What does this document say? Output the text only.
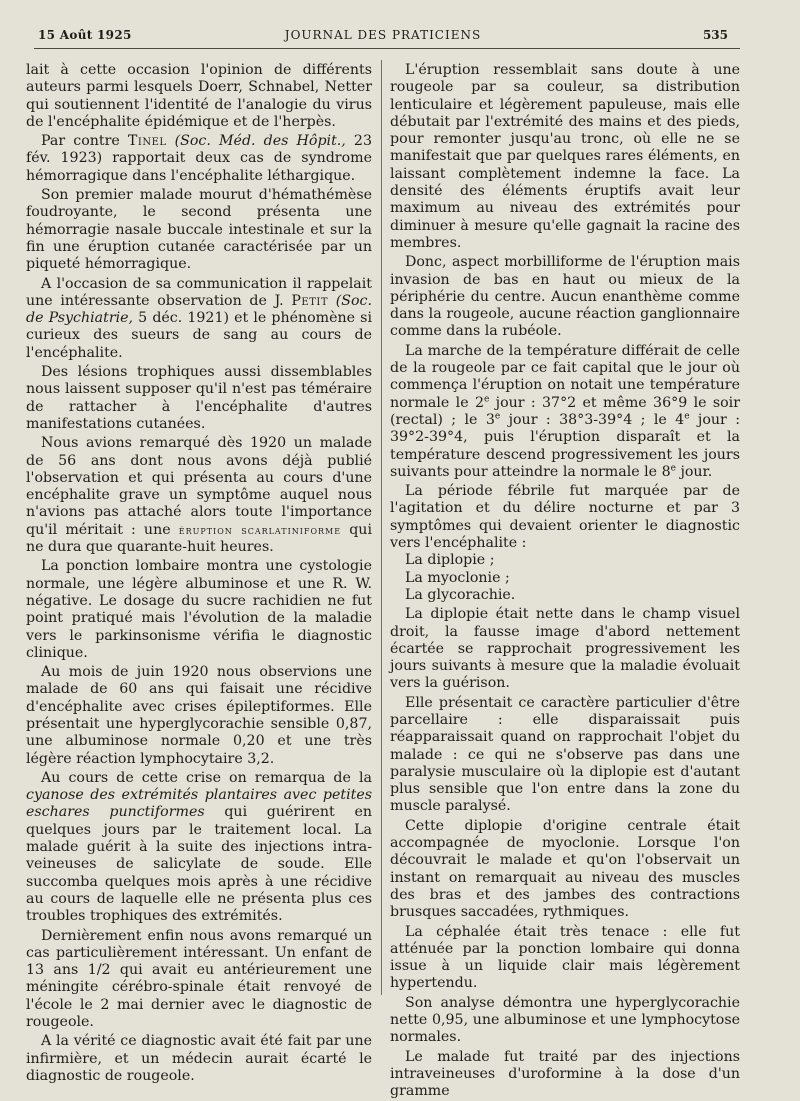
15 Août 1925	JOURNAL DES PRATICIENS	535

lait à cette occasion l'opinion de différents auteurs parmi lesquels Doerr, Schnabel, Netter qui soutiennent l'identité de l'analogie du virus de l'encéphalite épidémique et de l'herpès.

Par contre Tinel (Soc. Méd. des Hôpit., 23 fév. 1923) rapportait deux cas de syndrome hémorragique dans l'encéphalite léthargique.

Son premier malade mourut d'hémathémèse foudroyante, le second présenta une hémorragie nasale buccale intestinale et sur la fin une éruption cutanée caractérisée par un piqueté hémorragique.

A l'occasion de sa communication il rappelait une intéressante observation de J. Petit (Soc. de Psychiatrie, 5 déc. 1921) et le phénomène si curieux des sueurs de sang au cours de l'encéphalite.

Des lésions trophiques aussi dissemblables nous laissent supposer qu'il n'est pas téméraire de rattacher à l'encéphalite d'autres manifestations cutanées.

Nous avions remarqué dès 1920 un malade de 56 ans dont nous avons déjà publié l'observation et qui présenta au cours d'une encéphalite grave un symptôme auquel nous n'avions pas attaché alors toute l'importance qu'il méritait : une éruption scarlatiniforme qui ne dura que quarante-huit heures.

La ponction lombaire montra une cystologie normale, une légère albuminose et une R. W. négative. Le dosage du sucre rachidien ne fut point pratiqué mais l'évolution de la maladie vers le parkinsonisme vérifia le diagnostic clinique.

Au mois de juin 1920 nous observions une malade de 60 ans qui faisait une récidive d'encéphalite avec crises épileptiformes. Elle présentait une hyperglycorachie sensible 0,87, une albuminose normale 0,20 et une très légère réaction lymphocytaire 3,2.

Au cours de cette crise on remarqua de la cyanose des extrémités plantaires avec petites eschares punctiformes qui guérirent en quelques jours par le traitement local. La malade guérit à la suite des injections intra-veineuses de salicylate de soude. Elle succomba quelques mois après à une récidive au cours de laquelle elle ne présenta plus ces troubles trophiques des extrémités.

Dernièrement enfin nous avons remarqué un cas particulièrement intéressant. Un enfant de 13 ans 1/2 qui avait eu antérieurement une méningite cérébro-spinale était renvoyé de l'école le 2 mai dernier avec le diagnostic de rougeole.

A la vérité ce diagnostic avait été fait par une infirmière, et un médecin aurait écarté le diagnostic de rougeole.

L'éruption ressemblait sans doute à une rougeole par sa couleur, sa distribution lenticulaire et légèrement papuleuse, mais elle débutait par l'extrémité des mains et des pieds, pour remonter jusqu'au tronc, où elle ne se manifestait que par quelques rares éléments, en laissant complètement indemne la face. La densité des éléments éruptifs avait leur maximum au niveau des extrémités pour diminuer à mesure qu'elle gagnait la racine des membres.

Donc, aspect morbilliforme de l'éruption mais invasion de bas en haut ou mieux de la périphérie du centre. Aucun enanthème comme dans la rougeole, aucune réaction ganglionnaire comme dans la rubéole.

La marche de la température différait de celle de la rougeole par ce fait capital que le jour où commença l'éruption on notait une température normale le 2e jour : 37°2 et même 36°9 le soir (rectal) ; le 3e jour : 38°3-39°4 ; le 4e jour : 39°2-39°4, puis l'éruption disparaît et la température descend progressivement les jours suivants pour atteindre la normale le 8e jour.

La période fébrile fut marquée par de l'agitation et du délire nocturne et par 3 symptômes qui devaient orienter le diagnostic vers l'encéphalite :

La diplopie ;

La myoclonie ;

La glycorachie.

La diplopie était nette dans le champ visuel droit, la fausse image d'abord nettement écartée se rapprochait progressivement les jours suivants à mesure que la maladie évoluait vers la guérison.

Elle présentait ce caractère particulier d'être parcellaire : elle disparaissait puis réapparaissait quand on rapprochait l'objet du malade : ce qui ne s'observe pas dans une paralysie musculaire où la diplopie est d'autant plus sensible que l'on entre dans la zone du muscle paralysé.

Cette diplopie d'origine centrale était accompagnée de myoclonie. Lorsque l'on découvrait le malade et qu'on l'observait un instant on remarquait au niveau des muscles des bras et des jambes des contractions brusques saccadées, rythmiques.

La céphalée était très tenace : elle fut atténuée par la ponction lombaire qui donna issue à un liquide clair mais légèrement hypertendu.

Son analyse démontra une hyperglycorachie nette 0,95, une albuminose et une lymphocytose normales.

Le malade fut traité par des injections intraveineuses d'uroformine à la dose d'un gramme
